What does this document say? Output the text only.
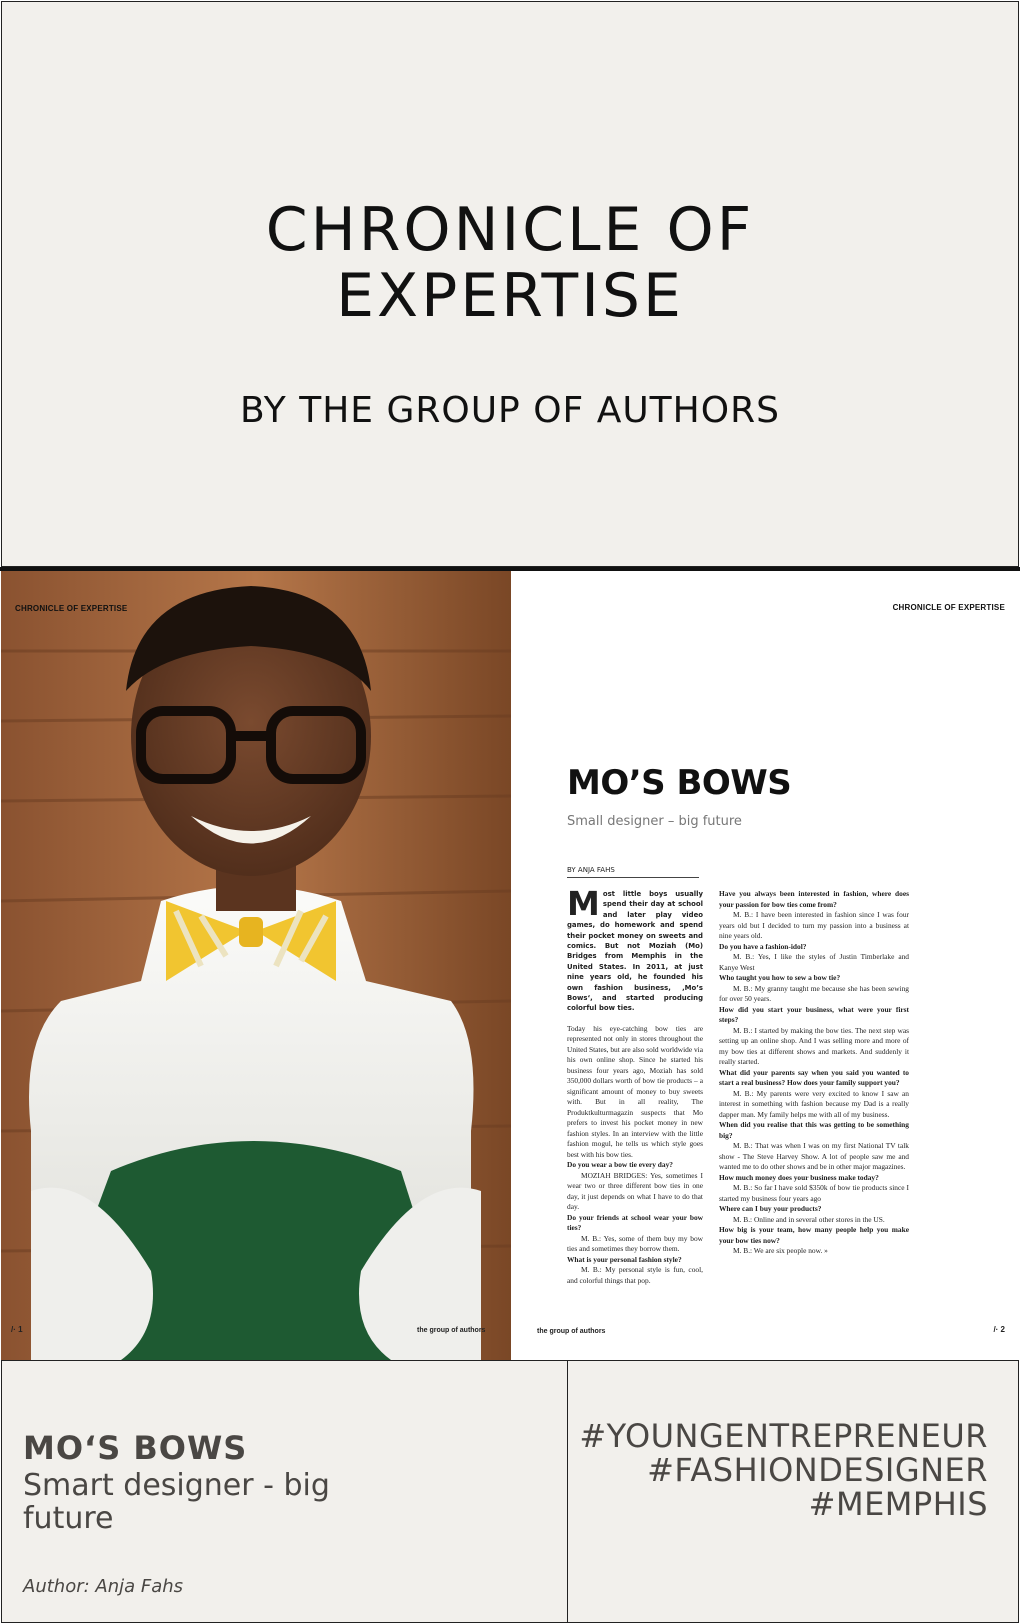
CHRONICLE OF EXPERTISE
BY THE GROUP OF AUTHORS
CHRONICLE OF EXPERTISE
/· 1	the group of authors
CHRONICLE OF EXPERTISE
MO’S BOWS
Small designer – big future
BY ANJA FAHS
Most little boys usually spend their day at school and later play video games, do homework and spend their pocket money on sweets and comics. But not Moziah (Mo) Bridges from Memphis in the United States. In 2011, at just nine years old, he founded his own fashion business, ‚Mo’s Bows‘, and started producing colorful bow ties.

Today his eye-catching bow ties are represented not only in stores throughout the United States, but are also sold worldwide via his own online shop. Since he started his business four years ago, Moziah has sold 350,000 dollars worth of bow tie products – a significant amount of money to buy sweets with. But in all reality, The Produktkulturmagazin suspects that Mo prefers to invest his pocket money in new fashion styles. In an interview with the little fashion mogul, he tells us which style goes best with his bow ties.

Do you wear a bow tie every day?

MOZIAH BRIDGES: Yes, sometimes I wear two or three different bow ties in one day, it just depends on what I have to do that day.

Do your friends at school wear your bow ties?

M. B.: Yes, some of them buy my bow ties and sometimes they borrow them.

What is your personal fashion style?

M. B.: My personal style is fun, cool, and colorful things that pop.

Have you always been interested in fashion, where does your passion for bow ties come from?

M. B.: I have been interested in fashion since I was four years old but I decided to turn my passion into a business at nine years old.

Do you have a fashion-idol?

M. B.: Yes, I like the styles of Justin Timberlake and Kanye West

Who taught you how to sew a bow tie?

M. B.: My granny taught me because she has been sewing for over 50 years.

How did you start your business, what were your first steps?

M. B.: I started by making the bow ties. The next step was setting up an online shop. And I was selling more and more of my bow ties at different shows and markets. And suddenly it really started.

What did your parents say when you said you wanted to start a real business? How does your family support you?

M. B.: My parents were very excited to know I saw an interest in something with fashion because my Dad is a really dapper man. My family helps me with all of my business.

When did you realise that this was getting to be something big?

M. B.: That was when I was on my first National TV talk show - The Steve Harvey Show. A lot of people saw me and wanted me to do other shows and be in other major magazines.

How much money does your business make today?

M. B.: So far I have sold $350k of bow tie products since I started my business four years ago

Where can I buy your products?

M. B.: Online and in several other stores in the US.

How big is your team, how many people help you make your bow ties now?

M. B.: We are six people now. »

the group of authors	/· 2
MO‘S BOWS
Smart designer - big future
Author: Anja Fahs
#YOUNGENTREPRENEUR
#FASHIONDESIGNER
#MEMPHIS
